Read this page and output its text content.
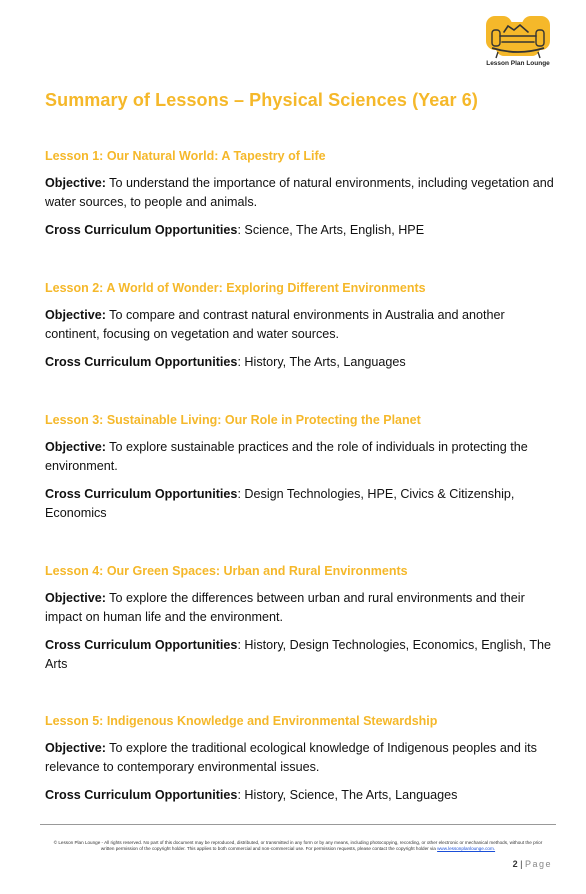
Lesson Plan Lounge
Summary of Lessons – Physical Sciences (Year 6)
Lesson 1: Our Natural World: A Tapestry of Life

Objective: To understand the importance of natural environments, including vegetation and water sources, to people and animals.

Cross Curriculum Opportunities: Science, The Arts, English, HPE

Lesson 2: A World of Wonder: Exploring Different Environments

Objective: To compare and contrast natural environments in Australia and another continent, focusing on vegetation and water sources.

Cross Curriculum Opportunities: History, The Arts, Languages

Lesson 3: Sustainable Living: Our Role in Protecting the Planet

Objective: To explore sustainable practices and the role of individuals in protecting the environment.

Cross Curriculum Opportunities: Design Technologies, HPE, Civics & Citizenship, Economics

Lesson 4: Our Green Spaces: Urban and Rural Environments

Objective: To explore the differences between urban and rural environments and their impact on human life and the environment.

Cross Curriculum Opportunities: History, Design Technologies, Economics, English, The Arts

Lesson 5: Indigenous Knowledge and Environmental Stewardship

Objective: To explore the traditional ecological knowledge of Indigenous peoples and its relevance to contemporary environmental issues.

Cross Curriculum Opportunities: History, Science, The Arts, Languages

© Lesson Plan Lounge - All rights reserved. No part of this document may be reproduced, distributed, or transmitted in any form or by any means, including photocopying, recording, or other electronic or mechanical methods, without the prior written permission of the copyright holder. This applies to both commercial and non-commercial use. For permission requests, please contact the copyright holder via www.lessonplanlounge.com.
2 | Page
